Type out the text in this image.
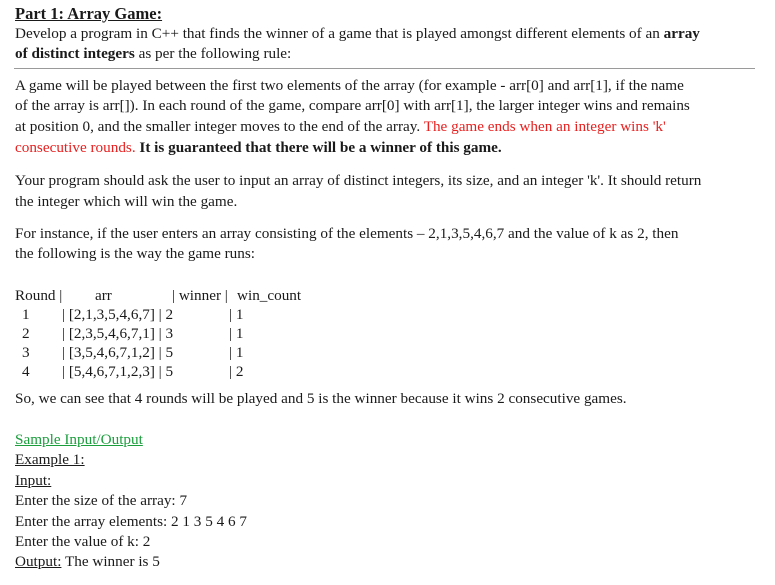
Part 1: Array Game:
Develop a program in C++ that finds the winner of a game that is played amongst different elements of an array
of distinct integers as per the following rule:
A game will be played between the first two elements of the array (for example - arr[0] and arr[1], if the name
of the array is arr[]). In each round of the game, compare arr[0] with arr[1], the larger integer wins and remains
at position 0, and the smaller integer moves to the end of the array. The game ends when an integer wins 'k'
consecutive rounds. It is guaranteed that there will be a winner of this game.
Your program should ask the user to input an array of distinct integers, its size, and an integer 'k'. It should return
the integer which will win the game.
For instance, if the user enters an array consisting of the elements – 2,1,3,5,4,6,7 and the value of k as 2, then
the following is the way the game runs:
Round | arr	| winner | win_count
1 | [2,1,3,5,4,6,7] | 2	| 1
2 | [2,3,5,4,6,7,1] | 3	| 1
3 | [3,5,4,6,7,1,2] | 5	| 1
4 | [5,4,6,7,1,2,3] | 5	| 2
So, we can see that 4 rounds will be played and 5 is the winner because it wins 2 consecutive games.
Sample Input/Output
Example 1:
Input:
Enter the size of the array: 7
Enter the array elements: 2 1 3 5 4 6 7
Enter the value of k: 2
Output: The winner is 5
